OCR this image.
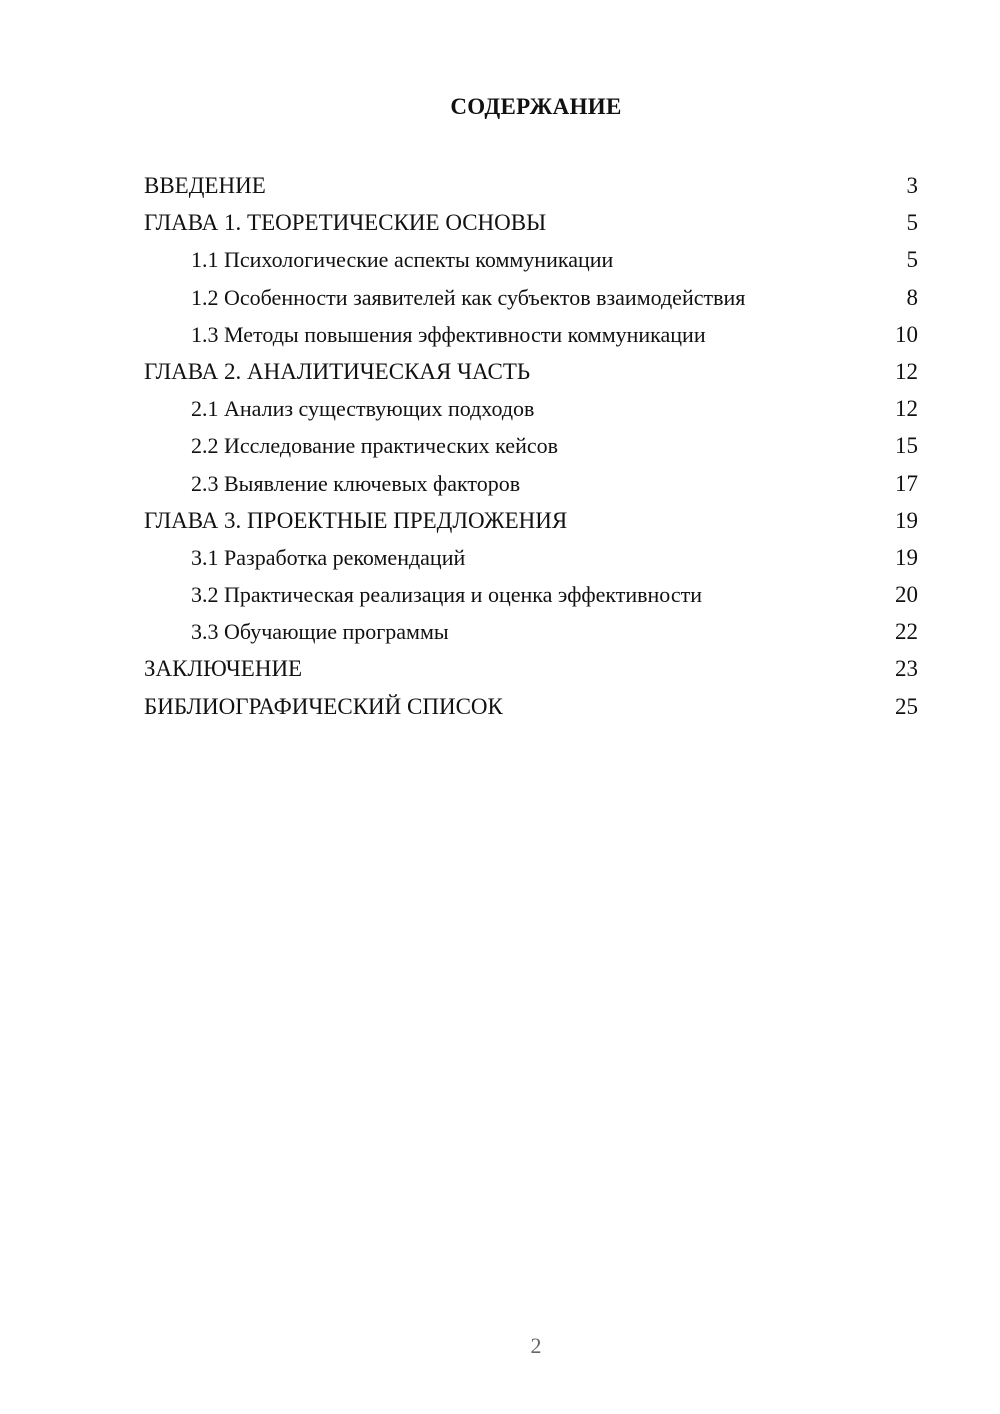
СОДЕРЖАНИЕ
ВВЕДЕНИЕ	3
ГЛАВА 1. ТЕОРЕТИЧЕСКИЕ ОСНОВЫ	5
1.1 Психологические аспекты коммуникации	5
1.2 Особенности заявителей как субъектов взаимодействия	8
1.3 Методы повышения эффективности коммуникации	10
ГЛАВА 2. АНАЛИТИЧЕСКАЯ ЧАСТЬ	12
2.1 Анализ существующих подходов	12
2.2 Исследование практических кейсов	15
2.3 Выявление ключевых факторов	17
ГЛАВА 3. ПРОЕКТНЫЕ ПРЕДЛОЖЕНИЯ	19
3.1 Разработка рекомендаций	19
3.2 Практическая реализация и оценка эффективности	20
3.3 Обучающие программы	22
ЗАКЛЮЧЕНИЕ	23
БИБЛИОГРАФИЧЕСКИЙ СПИСОК	25
2
